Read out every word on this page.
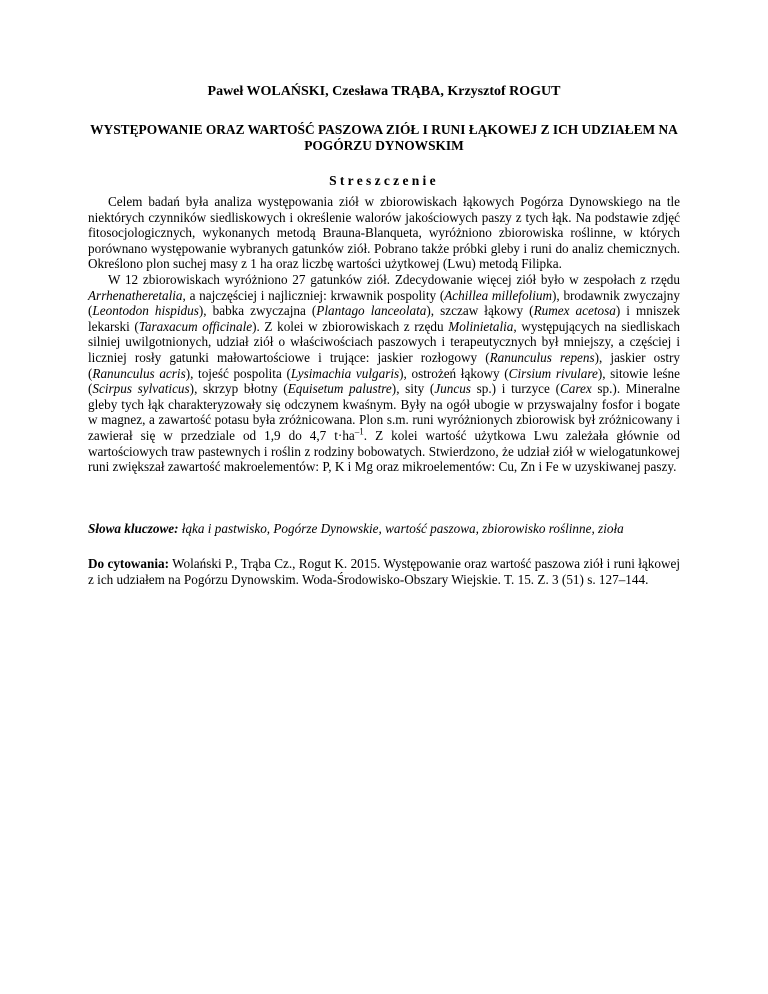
Paweł WOLAŃSKI, Czesława TRĄBA, Krzysztof ROGUT
WYSTĘPOWANIE ORAZ WARTOŚĆ PASZOWA ZIÓŁ I RUNI ŁĄKOWEJ Z ICH UDZIAŁEM NA POGÓRZU DYNOWSKIM
Streszczenie

Celem badań była analiza występowania ziół w zbiorowiskach łąkowych Pogórza Dynowskiego na tle niektórych czynników siedliskowych i określenie walorów jakościowych paszy z tych łąk. Na podstawie zdjęć fitosocjologicznych, wykonanych metodą Brauna-Blanqueta, wyróżniono zbiorowiska roślinne, w których porównano występowanie wybranych gatunków ziół. Pobrano także próbki gleby i runi do analiz chemicznych. Określono plon suchej masy z 1 ha oraz liczbę wartości użytkowej (Lwu) metodą Filipka.

W 12 zbiorowiskach wyróżniono 27 gatunków ziół. Zdecydowanie więcej ziół było w zespołach z rzędu Arrhenatheretalia, a najczęściej i najliczniej: krwawnik pospolity (Achillea millefolium), brodawnik zwyczajny (Leontodon hispidus), babka zwyczajna (Plantago lanceolata), szczaw łąkowy (Rumex acetosa) i mniszek lekarski (Taraxacum officinale). Z kolei w zbiorowiskach z rzędu Molinietalia, występujących na siedliskach silniej uwilgotnionych, udział ziół o właściwościach paszowych i terapeutycznych był mniejszy, a częściej i liczniej rosły gatunki małowartościowe i trujące: jaskier rozłogowy (Ranunculus repens), jaskier ostry (Ranunculus acris), tojeść pospolita (Lysimachia vulgaris), ostrożeń łąkowy (Cirsium rivulare), sitowie leśne (Scirpus sylvaticus), skrzyp błotny (Equisetum palustre), sity (Juncus sp.) i turzyce (Carex sp.). Mineralne gleby tych łąk charakteryzowały się odczynem kwaśnym. Były na ogół ubogie w przyswajalny fosfor i bogate w magnez, a zawartość potasu była zróżnicowana. Plon s.m. runi wyróżnionych zbiorowisk był zróżnicowany i zawierał się w przedziale od 1,9 do 4,7 $t\cdot ha^{-1}$. Z kolei wartość użytkowa Lwu zależała głównie od wartościowych traw pastewnych i roślin z rodziny bobowatych. Stwierdzono, że udział ziół w wielogatunkowej runi zwiększał zawartość makroelementów: P, K i Mg oraz mikroelementów: Cu, Zn i Fe w uzyskiwanej paszy.

Słowa kluczowe: łąka i pastwisko, Pogórze Dynowskie, wartość paszowa, zbiorowisko roślinne, zioła
Do cytowania: Wolański P., Trąba Cz., Rogut K. 2015. Występowanie oraz wartość paszowa ziół i runi łąkowej z ich udziałem na Pogórzu Dynowskim. Woda-Środowisko-Obszary Wiejskie. T. 15. Z. 3 (51) s. 127–144.
